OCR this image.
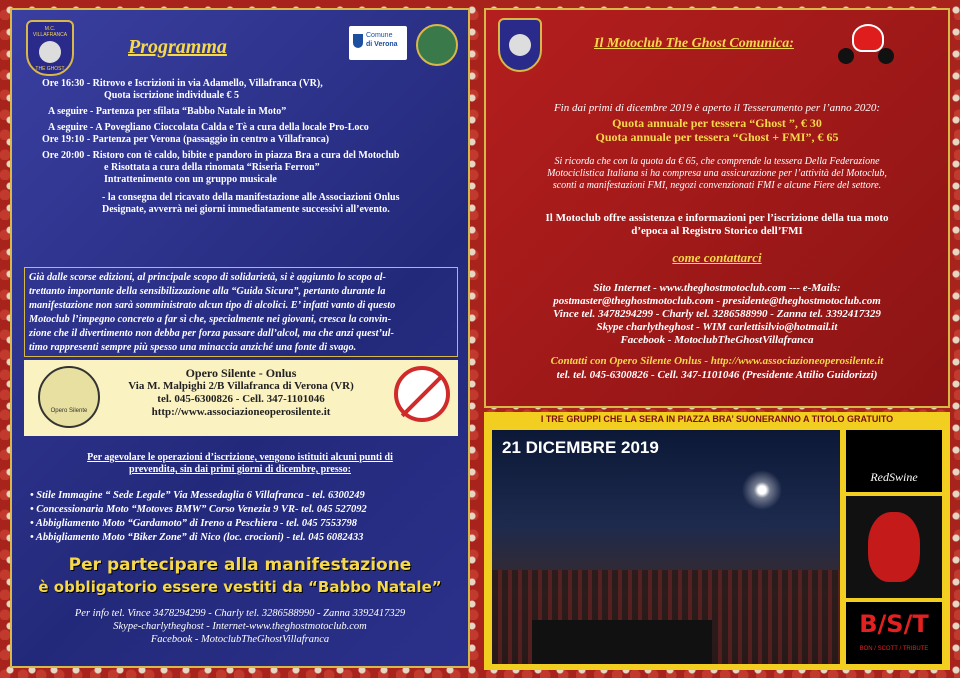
M.C. VILLAFRANCA
THE GHOST
Programma
Comune
di Verona
Ore 16:30 - Ritrovo e Iscrizioni in via Adamello, Villafranca (VR),
Quota iscrizione individuale € 5
A seguire - Partenza per sfilata “Babbo Natale in Moto”
A seguire - A Povegliano Cioccolata Calda e Tè a cura della locale Pro-Loco
Ore 19:10 - Partenza per Verona (passaggio in centro a Villafranca)
Ore 20:00 - Ristoro con tè caldo, bibite e pandoro in piazza Bra a cura del Motoclub
e Risottata a cura della rinomata “Riseria Ferron”
Intrattenimento con un gruppo musicale
- la consegna del ricavato della manifestazione alle Associazioni Onlus
Designate, avverrà nei giorni immediatamente successivi all’evento.
Già dalle scorse edizioni, al principale scopo di solidarietà, si è aggiunto lo scopo al-
trettanto importante della sensibilizzazione alla “Guida Sicura”, pertanto durante la
manifestazione non sarà somministrato alcun tipo di alcolici. E’ infatti vanto di questo
Motoclub l’impegno concreto a far sì che, specialmente nei giovani, cresca la convin-
zione che il divertimento non debba per forza passare dall’alcol, ma che anzi quest’ul-
timo rappresenti sempre più spesso una minaccia anziché una fonte di svago.
Opero Silente
Opero Silente - Onlus
Via M. Malpighi 2/B Villafranca di Verona (VR)
tel. 045-6300826 - Cell. 347-1101046
http://www.associazioneoperosilente.it
Per agevolare le operazioni d’iscrizione, vengono istituiti alcuni punti di
prevendita, sin dai primi giorni di dicembre, presso:
• Stile Immagine “ Sede Legale” Via Messedaglia 6 Villafranca - tel. 6300249
• Concessionaria Moto “Motoves BMW” Corso Venezia 9 VR- tel. 045 527092
• Abbigliamento Moto “Gardamoto” di Ireno a Peschiera - tel. 045 7553798
• Abbigliamento Moto “Biker Zone” di Nico (loc. crocioni) - tel. 045 6082433
Per partecipare alla manifestazione
è obbligatorio essere vestiti da “Babbo Natale”
Per info tel. Vince 3478294299 - Charly tel. 3286588990 - Zanna 3392417329
Skype-charlytheghost - Internet-www.theghostmotoclub.com
Facebook - MotoclubTheGhostVillafranca
Il Motoclub The Ghost Comunica:
Fin dai primi di dicembre 2019 è aperto il Tesseramento per l’anno 2020:
Quota annuale per tessera “Ghost ”, € 30
Quota annuale per tessera “Ghost + FMI”, € 65
Si ricorda che con la quota da € 65, che comprende la tessera Della Federazione
Motociclistica Italiana si ha compresa una assicurazione per l’attività del Motoclub,
sconti a manifestazioni FMI, negozi convenzionati FMI e alcune Fiere del settore.
Il Motoclub offre assistenza e informazioni per l’iscrizione della tua moto
d’epoca al Registro Storico dell’FMI
come contattarci
Sito Internet - www.theghostmotoclub.com --- e-Mails:
postmaster@theghostmotoclub.com - presidente@theghostmotoclub.com
Vince tel. 3478294299 - Charly tel. 3286588990 - Zanna tel. 3392417329
Skype charlytheghost - WIM carlettisilvio@hotmail.it
Facebook - MotoclubTheGhostVillafranca
Contatti con Opero Silente Onlus - http://www.associazioneoperosilente.it
tel. tel. 045-6300826 - Cell. 347-1101046 (Presidente Attilio Guidorizzi)
I TRE GRUPPI CHE LA SERA IN PIAZZA BRA’ SUONERANNO A TITOLO GRATUITO
21 DICEMBRE 2019
RedSwine
B/S/T
BON / SCOTT / TRIBUTE
